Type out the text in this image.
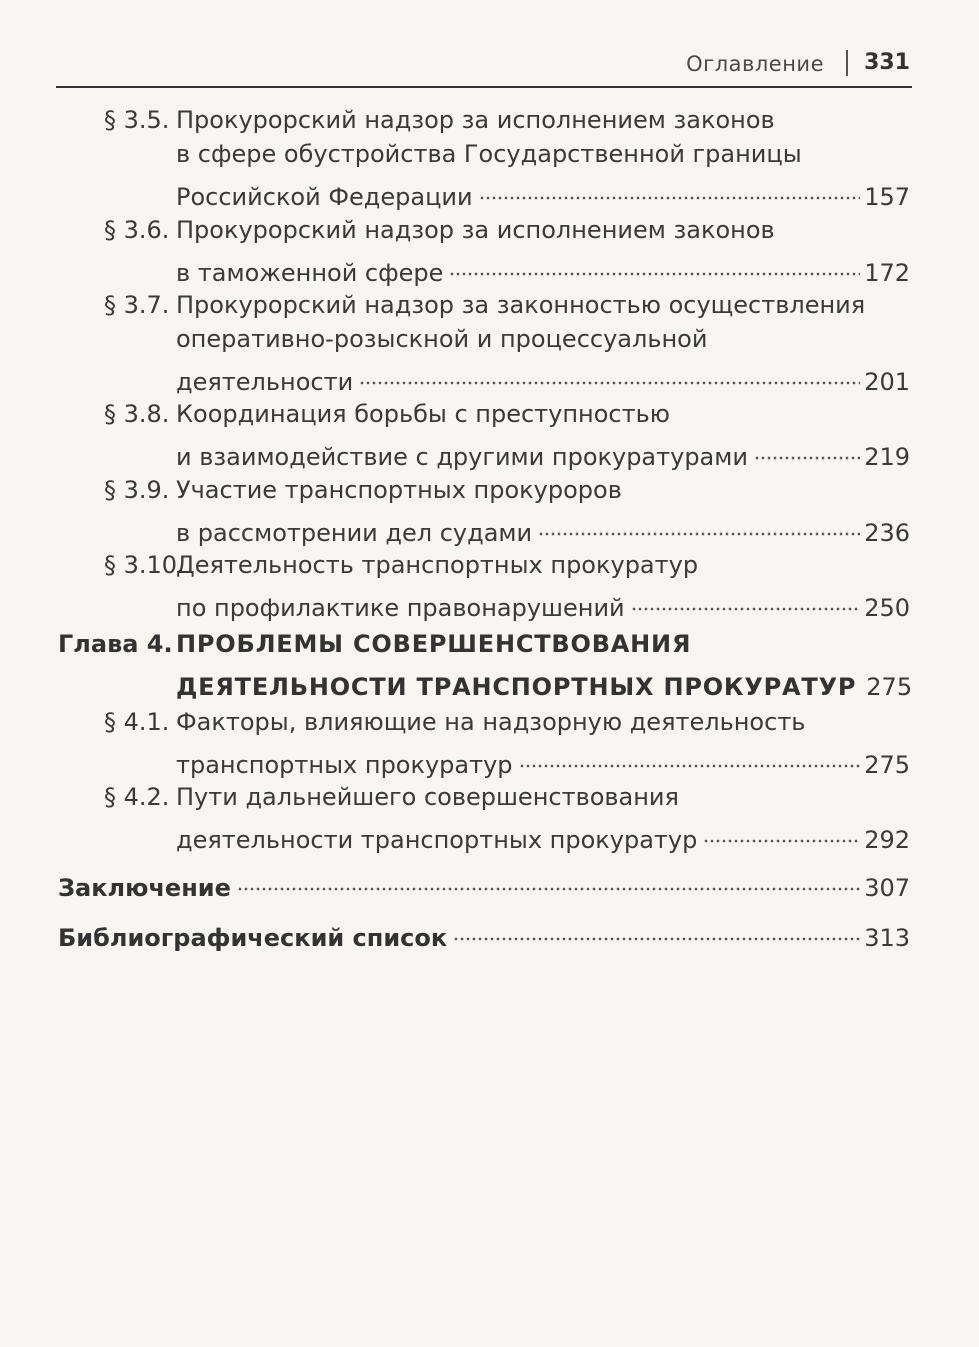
Оглавление 331
§ 3.5. Прокурорский надзор за исполнением законов
в сфере обустройства Государственной границы
Российской Федерации	157
§ 3.6. Прокурорский надзор за исполнением законов
в таможенной сфере	172
§ 3.7. Прокурорский надзор за законностью осуществления
оперативно-розыскной и процессуальной
деятельности	201
§ 3.8. Координация борьбы с преступностью
и взаимодействие с другими прокуратурами	219
§ 3.9. Участие транспортных прокуроров
в рассмотрении дел судами	236
§ 3.10.
Деятельность транспортных прокуратур
по профилактике правонарушений	250
Глава 4. ПРОБЛЕМЫ СОВЕРШЕНСТВОВАНИЯ
ДЕЯТЕЛЬНОСТИ ТРАНСПОРТНЫХ ПРОКУРАТУР 275
§ 4.1. Факторы, влияющие на надзорную деятельность
транспортных прокуратур	275
§ 4.2. Пути дальнейшего совершенствования
деятельности транспортных прокуратур	292
Заключение	307
Библиографический список	313
